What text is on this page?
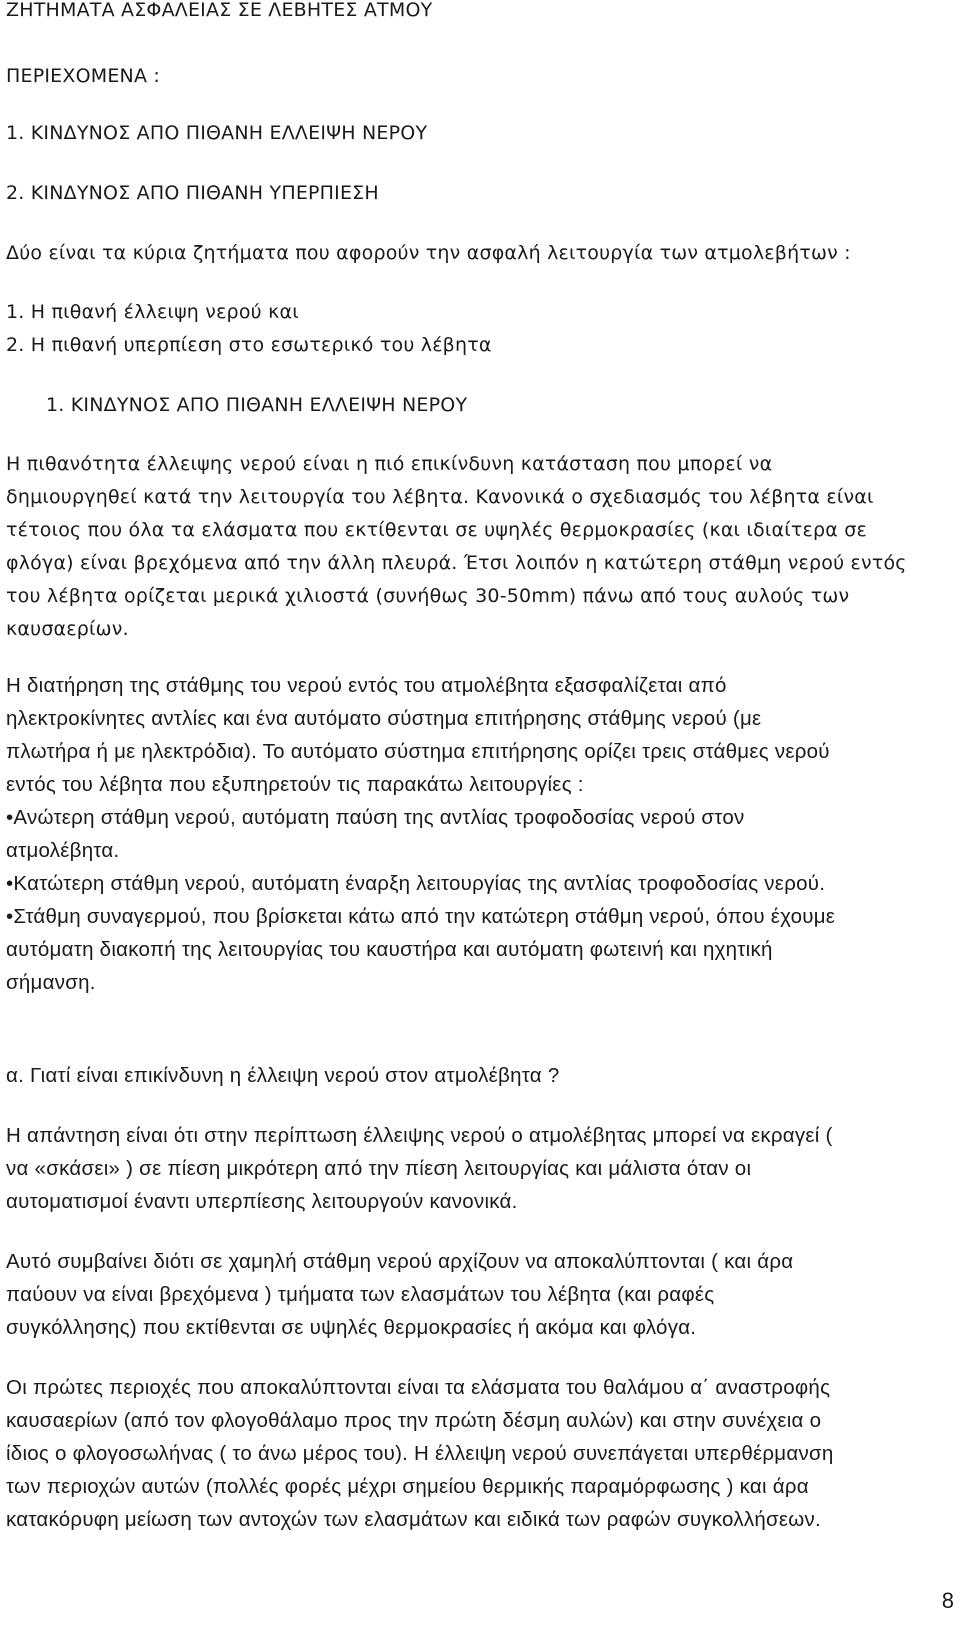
ΖΗΤΗΜΑΤΑ ΑΣΦΑΛΕΙΑΣ ΣΕ ΛΕΒΗΤΕΣ ΑΤΜΟΥ
ΠΕΡΙΕΧΟΜΕΝΑ :
1. ΚΙΝΔΥΝΟΣ ΑΠΟ ΠΙΘΑΝΗ ΕΛΛΕΙΨΗ ΝΕΡΟΥ
2. ΚΙΝΔΥΝΟΣ ΑΠΟ ΠΙΘΑΝΗ ΥΠΕΡΠΙΕΣΗ
Δύο είναι τα κύρια ζητήματα που αφορούν την ασφαλή λειτουργία των ατμολεβήτων :
1. Η πιθανή έλλειψη νερού και
2. Η πιθανή υπερπίεση στο εσωτερικό του λέβητα
1. ΚΙΝΔΥΝΟΣ ΑΠΟ ΠΙΘΑΝΗ ΕΛΛΕΙΨΗ ΝΕΡΟΥ
Η πιθανότητα έλλειψης νερού είναι η πιό επικίνδυνη κατάσταση που μπορεί να
δημιουργηθεί κατά την λειτουργία του λέβητα. Κανονικά ο σχεδιασμός του λέβητα είναι
τέτοιος που όλα τα ελάσματα που εκτίθενται σε υψηλές θερμοκρασίες (και ιδιαίτερα σε
φλόγα) είναι βρεχόμενα από την άλλη πλευρά. Έτσι λοιπόν η κατώτερη στάθμη νερού εντός
του λέβητα ορίζεται μερικά χιλιοστά (συνήθως 30-50mm) πάνω από τους αυλούς των
καυσαερίων.
Η διατήρηση της στάθμης του νερού εντός του ατμολέβητα εξασφαλίζεται από
ηλεκτροκίνητες αντλίες και ένα αυτόματο σύστημα επιτήρησης στάθμης νερού (με
πλωτήρα ή με ηλεκτρόδια). Το αυτόματο σύστημα επιτήρησης ορίζει τρεις στάθμες νερού
εντός του λέβητα που εξυπηρετούν τις παρακάτω λειτουργίες :
•Ανώτερη στάθμη νερού, αυτόματη παύση της αντλίας τροφοδοσίας νερού στον
ατμολέβητα.
•Κατώτερη στάθμη νερού, αυτόματη έναρξη λειτουργίας της αντλίας τροφοδοσίας νερού.
•Στάθμη συναγερμού, που βρίσκεται κάτω από την κατώτερη στάθμη νερού, όπου έχουμε
αυτόματη διακοπή της λειτουργίας του καυστήρα και αυτόματη φωτεινή και ηχητική
σήμανση.
α. Γιατί είναι επικίνδυνη η έλλειψη νερού στον ατμολέβητα ?
Η απάντηση είναι ότι στην περίπτωση έλλειψης νερού ο ατμολέβητας μπορεί να εκραγεί (
να «σκάσει» ) σε πίεση μικρότερη από την πίεση λειτουργίας και μάλιστα όταν οι
αυτοματισμοί έναντι υπερπίεσης λειτουργούν κανονικά.
Αυτό συμβαίνει διότι σε χαμηλή στάθμη νερού αρχίζουν να αποκαλύπτονται ( και άρα
παύουν να είναι βρεχόμενα ) τμήματα των ελασμάτων του λέβητα (και ραφές
συγκόλλησης) που εκτίθενται σε υψηλές θερμοκρασίες ή ακόμα και φλόγα.
Οι πρώτες περιοχές που αποκαλύπτονται είναι τα ελάσματα του θαλάμου α΄ αναστροφής
καυσαερίων (από τον φλογοθάλαμο προς την πρώτη δέσμη αυλών) και στην συνέχεια ο
ίδιος ο φλογοσωλήνας ( το άνω μέρος του). Η έλλειψη νερού συνεπάγεται υπερθέρμανση
των περιοχών αυτών (πολλές φορές μέχρι σημείου θερμικής παραμόρφωσης ) και άρα
κατακόρυφη μείωση των αντοχών των ελασμάτων και ειδικά των ραφών συγκολλήσεων.
8
